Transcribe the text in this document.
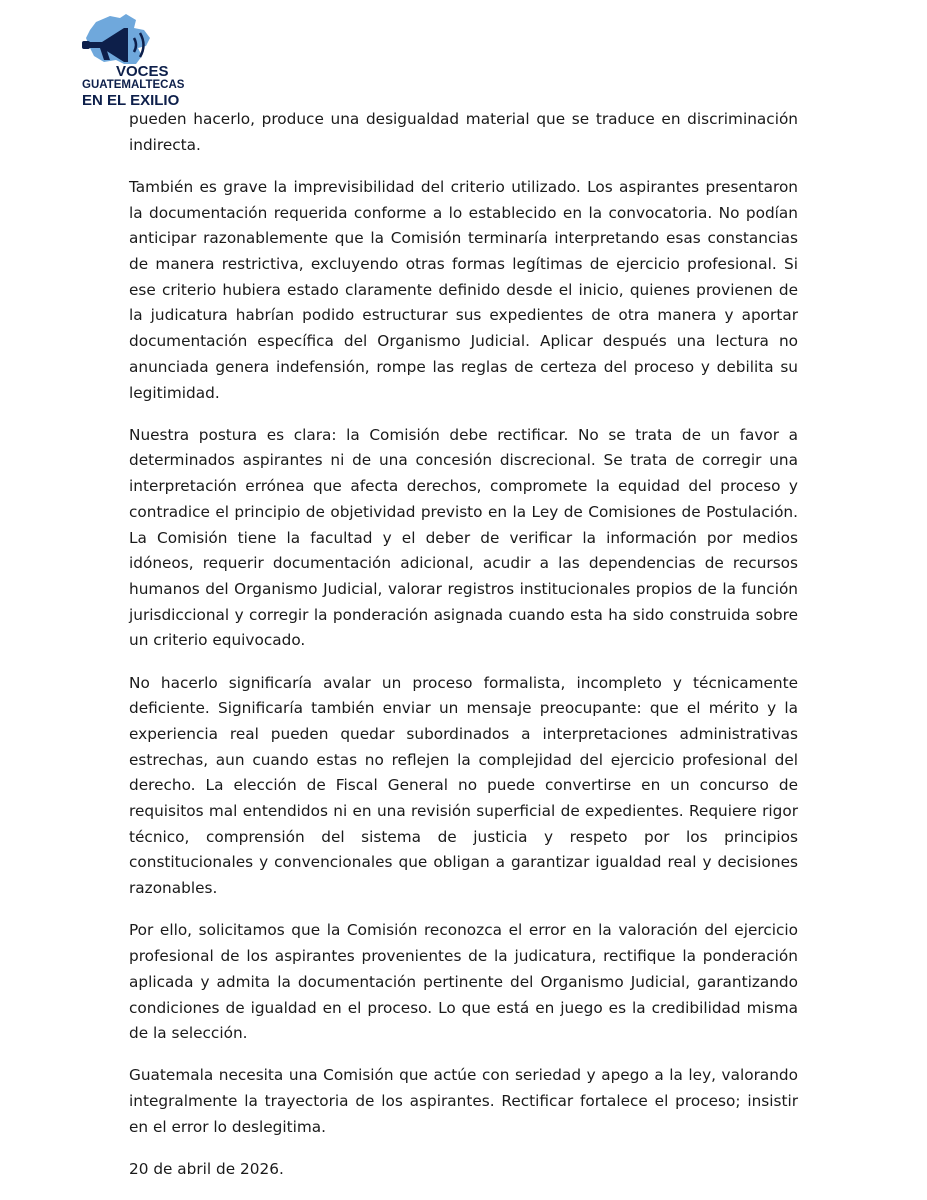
VOCES
GUATEMALTECAS
EN EL EXILIO

pueden hacerlo, produce una desigualdad material que se traduce en discriminación indirecta.

También es grave la imprevisibilidad del criterio utilizado. Los aspirantes presentaron la documentación requerida conforme a lo establecido en la convocatoria. No podían anticipar razonablemente que la Comisión terminaría interpretando esas constancias de manera restrictiva, excluyendo otras formas legítimas de ejercicio profesional. Si ese criterio hubiera estado claramente definido desde el inicio, quienes provienen de la judicatura habrían podido estructurar sus expedientes de otra manera y aportar documentación específica del Organismo Judicial. Aplicar después una lectura no anunciada genera indefensión, rompe las reglas de certeza del proceso y debilita su legitimidad.

Nuestra postura es clara: la Comisión debe rectificar. No se trata de un favor a determinados aspirantes ni de una concesión discrecional. Se trata de corregir una interpretación errónea que afecta derechos, compromete la equidad del proceso y contradice el principio de objetividad previsto en la Ley de Comisiones de Postulación. La Comisión tiene la facultad y el deber de verificar la información por medios idóneos, requerir documentación adicional, acudir a las dependencias de recursos humanos del Organismo Judicial, valorar registros institucionales propios de la función jurisdiccional y corregir la ponderación asignada cuando esta ha sido construida sobre un criterio equivocado.

No hacerlo significaría avalar un proceso formalista, incompleto y técnicamente deficiente. Significaría también enviar un mensaje preocupante: que el mérito y la experiencia real pueden quedar subordinados a interpretaciones administrativas estrechas, aun cuando estas no reflejen la complejidad del ejercicio profesional del derecho. La elección de Fiscal General no puede convertirse en un concurso de requisitos mal entendidos ni en una revisión superficial de expedientes. Requiere rigor técnico, comprensión del sistema de justicia y respeto por los principios constitucionales y convencionales que obligan a garantizar igualdad real y decisiones razonables.

Por ello, solicitamos que la Comisión reconozca el error en la valoración del ejercicio profesional de los aspirantes provenientes de la judicatura, rectifique la ponderación aplicada y admita la documentación pertinente del Organismo Judicial, garantizando condiciones de igualdad en el proceso. Lo que está en juego es la credibilidad misma de la selección.

Guatemala necesita una Comisión que actúe con seriedad y apego a la ley, valorando integralmente la trayectoria de los aspirantes. Rectificar fortalece el proceso; insistir en el error lo deslegitima.

20 de abril de 2026.
